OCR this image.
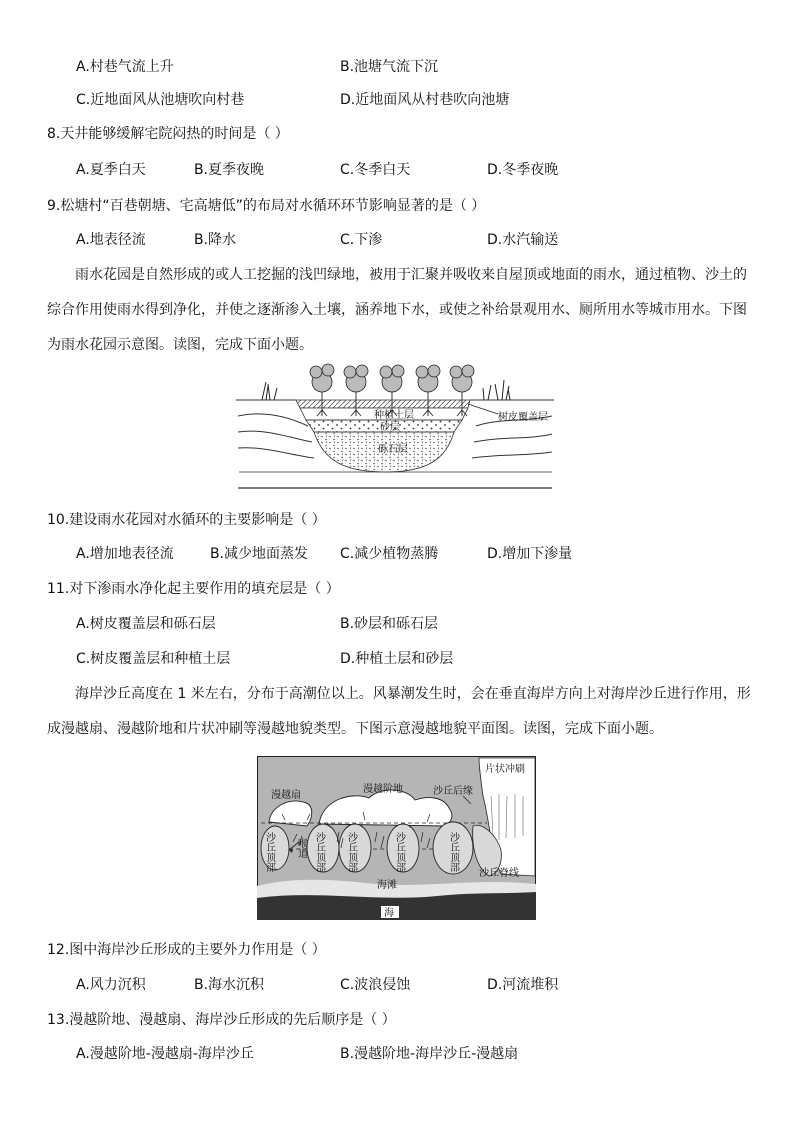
A.村巷气流上升	B.池塘气流下沉
C.近地面风从池塘吹向村巷	D.近地面风从村巷吹向池塘
8.天井能够缓解宅院闷热的时间是（ ）
A.夏季白天	B.夏季夜晚	C.冬季白天	D.冬季夜晚
9.松塘村“百巷朝塘、宅高塘低”的布局对水循环环节影响显著的是（ ）
A.地表径流	B.降水	C.下渗	D.水汽输送
雨水花园是自然形成的或人工挖掘的浅凹绿地，被用于汇聚并吸收来自屋顶或地面的雨水，通过植物、沙土的综合作用使雨水得到净化，并使之逐渐渗入土壤，涵养地下水，或使之补给景观用水、厕所用水等城市用水。下图为雨水花园示意图。读图，完成下面小题。
树皮覆盖层
种植土层
砂层
砾石层
10.建设雨水花园对水循环的主要影响是（ ）
A.增加地表径流	B.减少地面蒸发 C.减少植物蒸腾	D.增加下渗量
11.对下渗雨水净化起主要作用的填充层是（ ）
A.树皮覆盖层和砾石层	B.砂层和砾石层
C.树皮覆盖层和种植土层	D.种植土层和砂层
海岸沙丘高度在 1 米左右，分布于高潮位以上。风暴潮发生时，会在垂直海岸方向上对海岸沙丘进行作用，形成漫越扇、漫越阶地和片状冲刷等漫越地貌类型。下图示意漫越地貌平面图。读图，完成下面小题。
漫越扇
漫越阶地	沙丘后缘
片状冲刷
沙丘顶部	沙丘顶部 沙丘顶部	沙丘顶部	沙丘顶部
喉道
沙丘脊线
海滩
海
12.图中海岸沙丘形成的主要外力作用是（ ）
A.风力沉积	B.海水沉积	C.波浪侵蚀	D.河流堆积
13.漫越阶地、漫越扇、海岸沙丘形成的先后顺序是（ ）
A.漫越阶地-漫越扇-海岸沙丘	B.漫越阶地-海岸沙丘-漫越扇
